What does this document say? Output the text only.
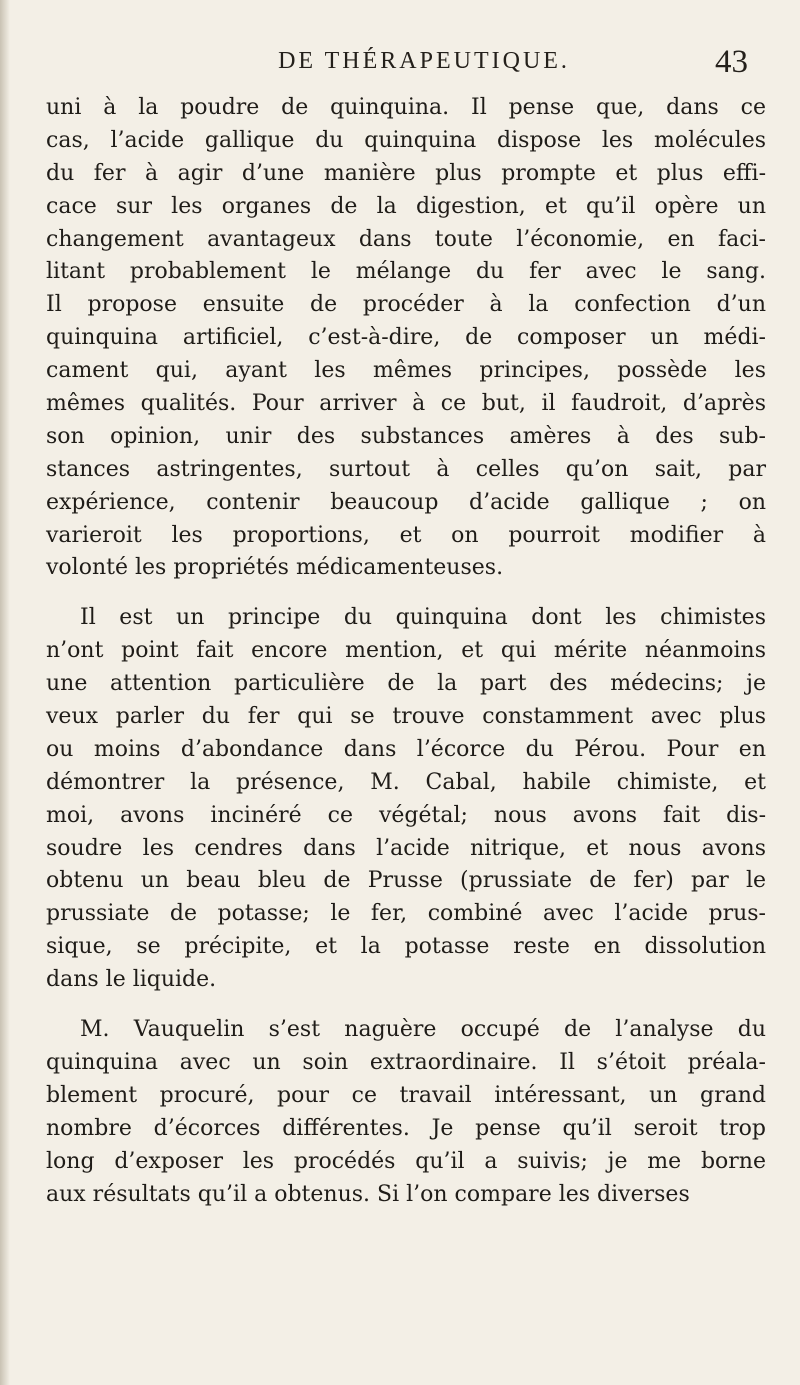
DE THÉRAPEUTIQUE.	43
uni à la poudre de quinquina. Il pense que, dans ce
cas, l’acide gallique du quinquina dispose les molécules
du fer à agir d’une manière plus prompte et plus effi-
cace sur les organes de la digestion, et qu’il opère un
changement avantageux dans toute l’économie, en faci-
litant probablement le mélange du fer avec le sang.
Il propose ensuite de procéder à la confection d’un
quinquina artificiel, c’est-à-dire, de composer un médi-
cament qui, ayant les mêmes principes, possède les
mêmes qualités. Pour arriver à ce but, il faudroit, d’après
son opinion, unir des substances amères à des sub-
stances astringentes, surtout à celles qu’on sait, par
expérience, contenir beaucoup d’acide gallique ; on
varieroit les proportions, et on pourroit modifier à
volonté les propriétés médicamenteuses.
Il est un principe du quinquina dont les chimistes
n’ont point fait encore mention, et qui mérite néanmoins
une attention particulière de la part des médecins; je
veux parler du fer qui se trouve constamment avec plus
ou moins d’abondance dans l’écorce du Pérou. Pour en
démontrer la présence, M. Cabal, habile chimiste, et
moi, avons incinéré ce végétal; nous avons fait dis-
soudre les cendres dans l’acide nitrique, et nous avons
obtenu un beau bleu de Prusse (prussiate de fer) par le
prussiate de potasse; le fer, combiné avec l’acide prus-
sique, se précipite, et la potasse reste en dissolution
dans le liquide.
M. Vauquelin s’est naguère occupé de l’analyse du
quinquina avec un soin extraordinaire. Il s’étoit préala-
blement procuré, pour ce travail intéressant, un grand
nombre d’écorces différentes. Je pense qu’il seroit trop
long d’exposer les procédés qu’il a suivis; je me borne
aux résultats qu’il a obtenus. Si l’on compare les diverses
